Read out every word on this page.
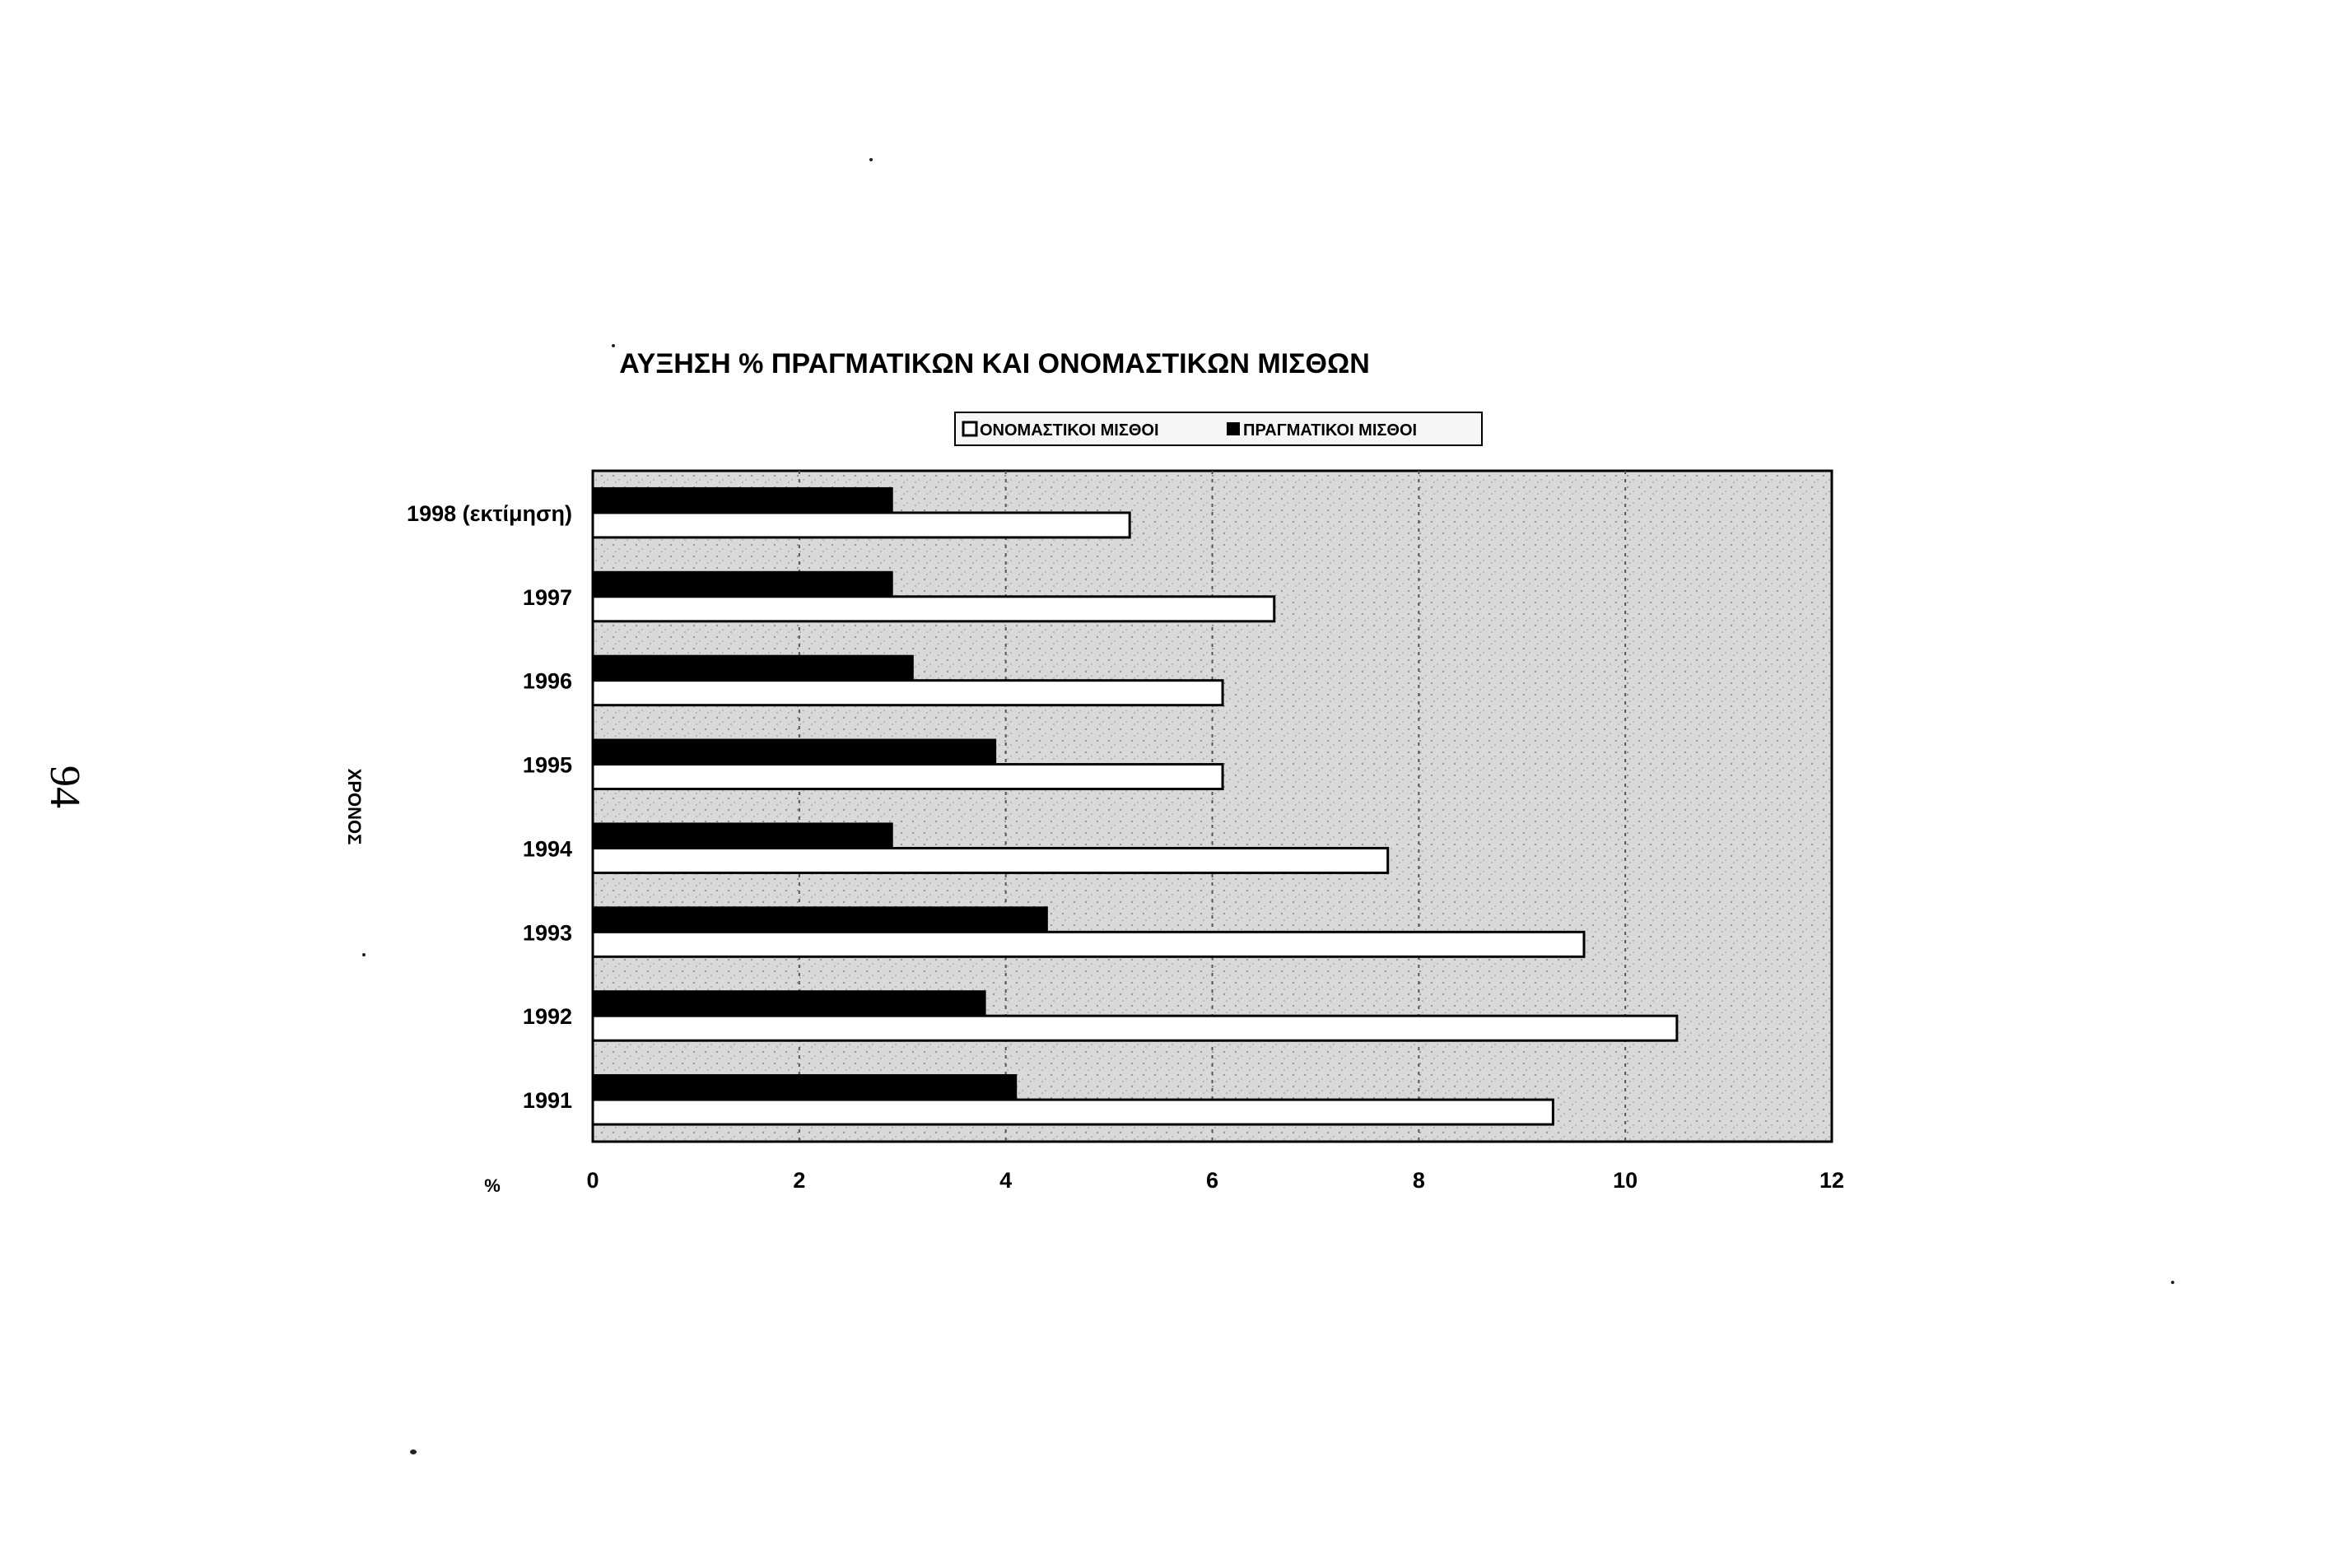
94
ΑΥΞΗΣΗ % ΠΡΑΓΜΑΤΙΚΩΝ ΚΑΙ ΟΝΟΜΑΣΤΙΚΩΝ ΜΙΣΘΩΝ
ΟΝΟΜΑΣΤΙΚΟΙ ΜΙΣΘΟΙ	ΠΡΑΓΜΑΤΙΚΟΙ ΜΙΣΘΟΙ
1998 (εκτίμηση)
1997
1996
1995
1994
1993
1992
1991
0	2	4	6	8	10	12
ΧΡΟΝΟΣ
%
